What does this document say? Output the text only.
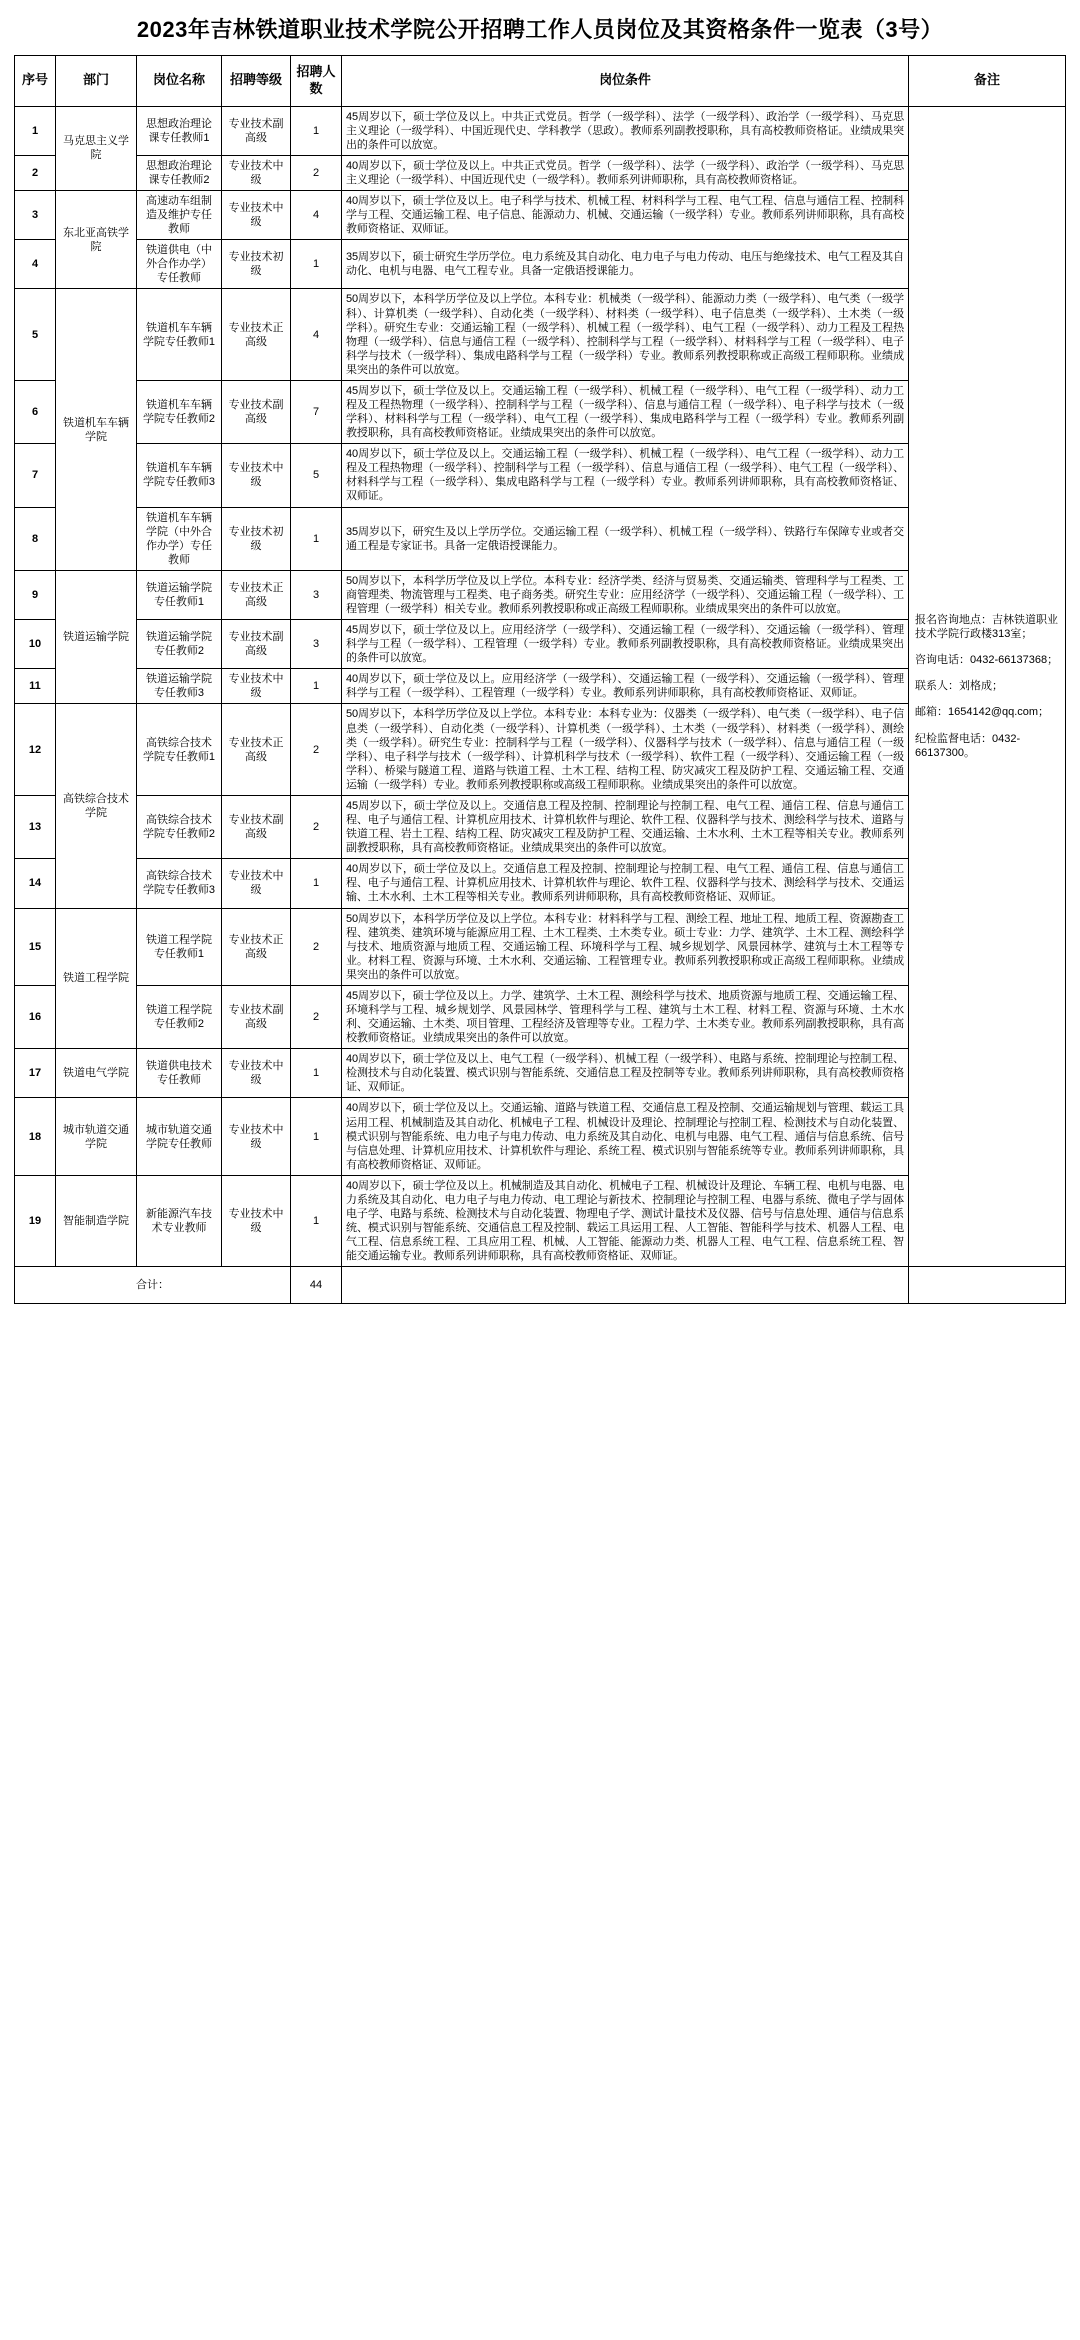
2023年吉林铁道职业技术学院公开招聘工作人员岗位及其资格条件一览表（3号）
序号	部门	岗位名称	招聘等级	招聘人数	岗位条件	备注
1	马克思主义学院	思想政治理论课专任教师1	专业技术副高级	1	45周岁以下，硕士学位及以上。中共正式党员。哲学（一级学科）、法学（一级学科）、政治学（一级学科）、马克思主义理论（一级学科）、中国近现代史、学科教学（思政）。教师系列副教授职称，具有高校教师资格证。业绩成果突出的条件可以放宽。	报名咨询地点：吉林铁道职业技术学院行政楼313室；

咨询电话：0432-66137368；

联系人：刘格成；

邮箱：1654142@qq.com；

纪检监督电话：0432-66137300。

2		思想政治理论课专任教师2	专业技术中级	2	40周岁以下，硕士学位及以上。中共正式党员。哲学（一级学科）、法学（一级学科）、政治学（一级学科）、马克思主义理论（一级学科）、中国近现代史（一级学科）。教师系列讲师职称，具有高校教师资格证。	
3	东北亚高铁学院	高速动车组制造及维护专任教师	专业技术中级	4	40周岁以下，硕士学位及以上。电子科学与技术、机械工程、材料科学与工程、电气工程、信息与通信工程、控制科学与工程、交通运输工程、电子信息、能源动力、机械、交通运输（一级学科）专业。教师系列讲师职称，具有高校教师资格证、双师证。	
4		铁道供电（中外合作办学）专任教师	专业技术初级	1	35周岁以下，硕士研究生学历学位。电力系统及其自动化、电力电子与电力传动、电压与绝缘技术、电气工程及其自动化、电机与电器、电气工程专业。具备一定俄语授课能力。	
5	铁道机车车辆学院	铁道机车车辆学院专任教师1	专业技术正高级	4	50周岁以下，本科学历学位及以上学位。本科专业：机械类（一级学科）、能源动力类（一级学科）、电气类（一级学科）、计算机类（一级学科）、自动化类（一级学科）、材料类（一级学科）、电子信息类（一级学科）、土木类（一级学科）。研究生专业：交通运输工程（一级学科）、机械工程（一级学科）、电气工程（一级学科）、动力工程及工程热物理（一级学科）、信息与通信工程（一级学科）、控制科学与工程（一级学科）、材料科学与工程（一级学科）、电子科学与技术（一级学科）、集成电路科学与工程（一级学科）专业。教师系列教授职称或正高级工程师职称。业绩成果突出的条件可以放宽。	
6		铁道机车车辆学院专任教师2	专业技术副高级	7	45周岁以下，硕士学位及以上。交通运输工程（一级学科）、机械工程（一级学科）、电气工程（一级学科）、动力工程及工程热物理（一级学科）、控制科学与工程（一级学科）、信息与通信工程（一级学科）、电子科学与技术（一级学科）、材料科学与工程（一级学科）、电气工程（一级学科）、集成电路科学与工程（一级学科）专业。教师系列副教授职称，具有高校教师资格证。业绩成果突出的条件可以放宽。	
7		铁道机车车辆学院专任教师3	专业技术中级	5	40周岁以下，硕士学位及以上。交通运输工程（一级学科）、机械工程（一级学科）、电气工程（一级学科）、动力工程及工程热物理（一级学科）、控制科学与工程（一级学科）、信息与通信工程（一级学科）、电气工程（一级学科）、材料科学与工程（一级学科）、集成电路科学与工程（一级学科）专业。教师系列讲师职称，具有高校教师资格证、双师证。	
8		铁道机车车辆学院（中外合作办学）专任教师	专业技术初级	1	35周岁以下，研究生及以上学历学位。交通运输工程（一级学科）、机械工程（一级学科）、铁路行车保障专业或者交通工程是专家证书。具备一定俄语授课能力。	
9	铁道运输学院	铁道运输学院专任教师1	专业技术正高级	3	50周岁以下，本科学历学位及以上学位。本科专业：经济学类、经济与贸易类、交通运输类、管理科学与工程类、工商管理类、物流管理与工程类、电子商务类。研究生专业：应用经济学（一级学科）、交通运输工程（一级学科）、工程管理（一级学科）相关专业。教师系列教授职称或正高级工程师职称。业绩成果突出的条件可以放宽。	
10		铁道运输学院专任教师2	专业技术副高级	3	45周岁以下，硕士学位及以上。应用经济学（一级学科）、交通运输工程（一级学科）、交通运输（一级学科）、管理科学与工程（一级学科）、工程管理（一级学科）专业。教师系列副教授职称，具有高校教师资格证。业绩成果突出的条件可以放宽。	
11		铁道运输学院专任教师3	专业技术中级	1	40周岁以下，硕士学位及以上。应用经济学（一级学科）、交通运输工程（一级学科）、交通运输（一级学科）、管理科学与工程（一级学科）、工程管理（一级学科）专业。教师系列讲师职称，具有高校教师资格证、双师证。	
12	高铁综合技术学院	高铁综合技术学院专任教师1	专业技术正高级	2	50周岁以下，本科学历学位及以上学位。本科专业：本科专业为：仪器类（一级学科）、电气类（一级学科）、电子信息类（一级学科）、自动化类（一级学科）、计算机类（一级学科）、土木类（一级学科）、材料类（一级学科）、测绘类（一级学科）。研究生专业：控制科学与工程（一级学科）、仪器科学与技术（一级学科）、信息与通信工程（一级学科）、电子科学与技术（一级学科）、计算机科学与技术（一级学科）、软件工程（一级学科）、交通运输工程（一级学科）、桥梁与隧道工程、道路与铁道工程、土木工程、结构工程、防灾减灾工程及防护工程、交通运输工程、交通运输（一级学科）专业。教师系列教授职称或高级工程师职称。业绩成果突出的条件可以放宽。	
13		高铁综合技术学院专任教师2	专业技术副高级	2	45周岁以下，硕士学位及以上。交通信息工程及控制、控制理论与控制工程、电气工程、通信工程、信息与通信工程、电子与通信工程、计算机应用技术、计算机软件与理论、软件工程、仪器科学与技术、测绘科学与技术、道路与铁道工程、岩土工程、结构工程、防灾减灾工程及防护工程、交通运输、土木水利、土木工程等相关专业。教师系列副教授职称，具有高校教师资格证。业绩成果突出的条件可以放宽。	
14		高铁综合技术学院专任教师3	专业技术中级	1	40周岁以下，硕士学位及以上。交通信息工程及控制、控制理论与控制工程、电气工程、通信工程、信息与通信工程、电子与通信工程、计算机应用技术、计算机软件与理论、软件工程、仪器科学与技术、测绘科学与技术、交通运输、土木水利、土木工程等相关专业。教师系列讲师职称，具有高校教师资格证、双师证。	
15	铁道工程学院	铁道工程学院专任教师1	专业技术正高级	2	50周岁以下，本科学历学位及以上学位。本科专业：材料科学与工程、测绘工程、地址工程、地质工程、资源勘查工程、建筑类、建筑环境与能源应用工程、土木工程类、土木类专业。硕士专业：力学、建筑学、土木工程、测绘科学与技术、地质资源与地质工程、交通运输工程、环境科学与工程、城乡规划学、风景园林学、建筑与土木工程等专业。材料工程、资源与环境、土木水利、交通运输、工程管理专业。教师系列教授职称或正高级工程师职称。业绩成果突出的条件可以放宽。	
16		铁道工程学院专任教师2	专业技术副高级	2	45周岁以下，硕士学位及以上。力学、建筑学、土木工程、测绘科学与技术、地质资源与地质工程、交通运输工程、环境科学与工程、城乡规划学、风景园林学、管理科学与工程、建筑与土木工程、材料工程、资源与环境、土木水利、交通运输、土木类、项目管理、工程经济及管理等专业。工程力学、土木类专业。教师系列副教授职称，具有高校教师资格证。业绩成果突出的条件可以放宽。	
17	铁道电气学院	铁道供电技术专任教师	专业技术中级	1	40周岁以下，硕士学位及以上、电气工程（一级学科）、机械工程（一级学科）、电路与系统、控制理论与控制工程、检测技术与自动化装置、模式识别与智能系统、交通信息工程及控制等专业。教师系列讲师职称，具有高校教师资格证、双师证。	
18	城市轨道交通学院	城市轨道交通学院专任教师	专业技术中级	1	40周岁以下，硕士学位及以上。交通运输、道路与铁道工程、交通信息工程及控制、交通运输规划与管理、载运工具运用工程、机械制造及其自动化、机械电子工程、机械设计及理论、控制理论与控制工程、检测技术与自动化装置、模式识别与智能系统、电力电子与电力传动、电力系统及其自动化、电机与电器、电气工程、通信与信息系统、信号与信息处理、计算机应用技术、计算机软件与理论、系统工程、模式识别与智能系统等专业。教师系列讲师职称，具有高校教师资格证、双师证。	
19	智能制造学院	新能源汽车技术专业教师	专业技术中级	1	40周岁以下，硕士学位及以上。机械制造及其自动化、机械电子工程、机械设计及理论、车辆工程、电机与电器、电力系统及其自动化、电力电子与电力传动、电工理论与新技术、控制理论与控制工程、电器与系统、微电子学与固体电子学、电路与系统、检测技术与自动化装置、物理电子学、测试计量技术及仪器、信号与信息处理、通信与信息系统、模式识别与智能系统、交通信息工程及控制、载运工具运用工程、人工智能、智能科学与技术、机器人工程、电气工程、信息系统工程、工具应用工程、机械、人工智能、能源动力类、机器人工程、电气工程、信息系统工程、智能交通运输专业。教师系列讲师职称，具有高校教师资格证、双师证。	
合计：				44		
